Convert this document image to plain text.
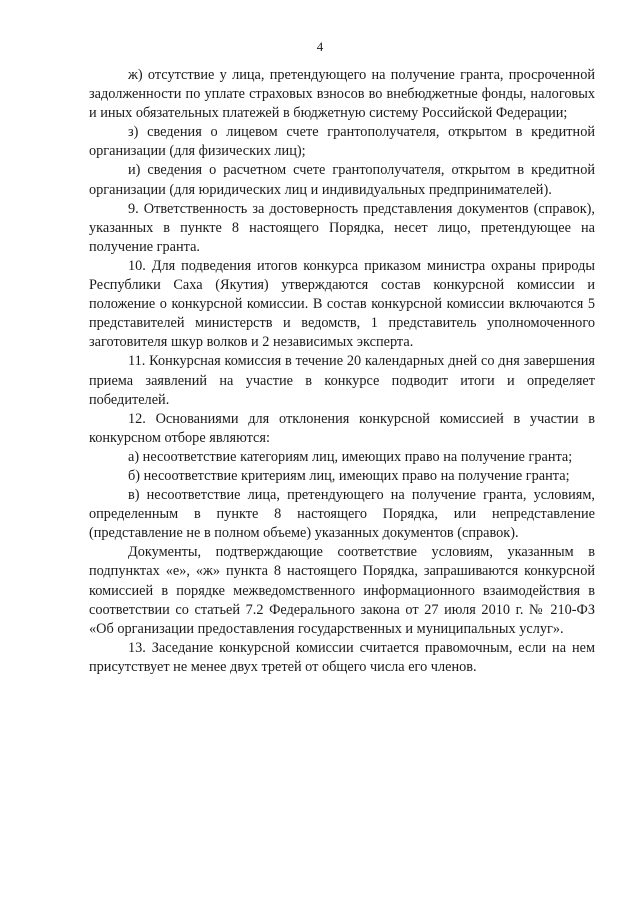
4

ж) отсутствие у лица, претендующего на получение гранта, просроченной задолженности по уплате страховых взносов во внебюджетные фонды, налоговых и иных обязательных платежей в бюджетную систему Российской Федерации;

з) сведения о лицевом счете грантополучателя, открытом в кредитной организации (для физических лиц);

и) сведения о расчетном счете грантополучателя, открытом в кредитной организации (для юридических лиц и индивидуальных предпринимателей).

9. Ответственность за достоверность представления документов (справок), указанных в пункте 8 настоящего Порядка, несет лицо, претендующее на получение гранта.

10. Для подведения итогов конкурса приказом министра охраны природы Республики Саха (Якутия) утверждаются состав конкурсной комиссии и положение о конкурсной комиссии. В состав конкурсной комиссии включаются 5 представителей министерств и ведомств, 1 представитель уполномоченного заготовителя шкур волков и 2 независимых эксперта.

11. Конкурсная комиссия в течение 20 календарных дней со дня завершения приема заявлений на участие в конкурсе подводит итоги и определяет победителей.

12. Основаниями для отклонения конкурсной комиссией в участии в конкурсном отборе являются:

а) несоответствие категориям лиц, имеющих право на получение гранта;

б) несоответствие критериям лиц, имеющих право на получение гранта;

в) несоответствие лица, претендующего на получение гранта, условиям, определенным в пункте 8 настоящего Порядка, или непредставление (представление не в полном объеме) указанных документов (справок).

Документы, подтверждающие соответствие условиям, указанным в подпунктах «е», «ж» пункта 8 настоящего Порядка, запрашиваются конкурсной комиссией в порядке межведомственного информационного взаимодействия в соответствии со статьей 7.2 Федерального закона от 27 июля 2010 г. № 210-ФЗ «Об организации предоставления государственных и муниципальных услуг».

13. Заседание конкурсной комиссии считается правомочным, если на нем присутствует не менее двух третей от общего числа его членов.
